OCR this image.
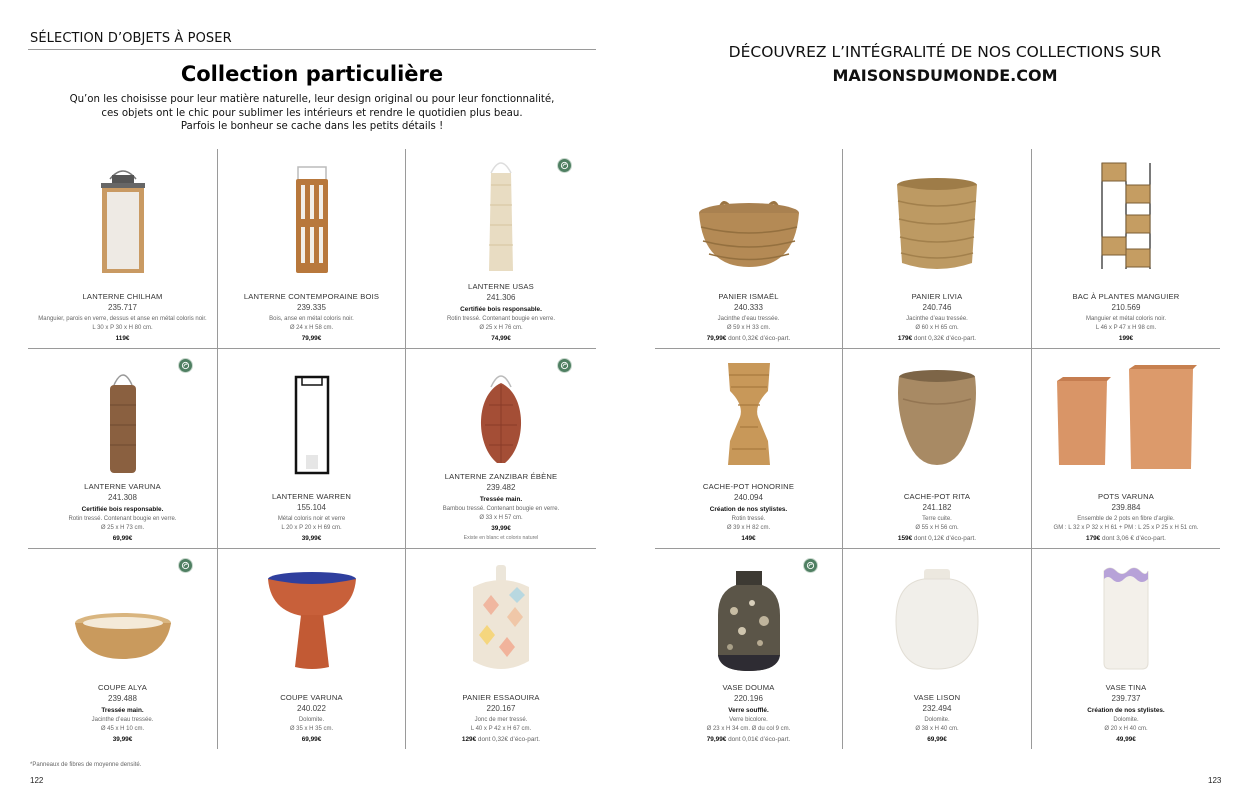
SÉLECTION D’OBJETS À POSER
Collection particulière
Qu’on les choisisse pour leur matière naturelle, leur design original ou pour leur fonctionnalité,
ces objets ont le chic pour sublimer les intérieurs et rendre le quotidien plus beau.
Parfois le bonheur se cache dans les petits détails !
LANTERNE CHILHAM
235.717
Manguier, parois en verre, dessus et anse en métal coloris noir.
L 30 x P 30 x H 80 cm.
119€
LANTERNE CONTEMPORAINE BOIS
239.335
Bois, anse en métal coloris noir.
Ø 24 x H 58 cm.
79,99€
LANTERNE USAS
241.306
Certifiée bois responsable.
Rotin tressé. Contenant bougie en verre.
Ø 25 x H 76 cm.
74,99€
LANTERNE VARUNA
241.308
Certifiée bois responsable.
Rotin tressé. Contenant bougie en verre.
Ø 25 x H 73 cm.
69,99€
LANTERNE WARREN
155.104
Métal coloris noir et verre
L 20 x P 20 x H 69 cm.
39,99€
LANTERNE ZANZIBAR ÉBÈNE
239.482
Tressée main.
Bambou tressé. Contenant bougie en verre.
Ø 33 x H 57 cm.
39,99€
Existe en blanc et coloris naturel
COUPE ALYA
239.488
Tressée main.
Jacinthe d’eau tressée.
Ø 45 x H 10 cm.
39,99€
COUPE VARUNA
240.022
Dolomite.
Ø 35 x H 35 cm.
69,99€
PANIER ESSAOUIRA
220.167
Jonc de mer tressé.
L 40 x P 42 x H 67 cm.
129€ dont 0,32€ d’éco-part.
*Panneaux de fibres de moyenne densité.
122
DÉCOUVREZ L’INTÉGRALITÉ DE NOS COLLECTIONS SUR
MAISONSDUMONDE.COM
PANIER ISMAËL
240.333
Jacinthe d’eau tressée.
Ø 59 x H 33 cm.
79,99€ dont 0,32€ d’éco-part.
PANIER LIVIA
240.746
Jacinthe d’eau tressée.
Ø 60 x H 65 cm.
179€ dont 0,32€ d’éco-part.
BAC À PLANTES MANGUIER
210.569
Manguier et métal coloris noir.
L 46 x P 47 x H 98 cm.
199€
CACHE-POT HONORINE
240.094
Création de nos stylistes.
Rotin tressé.
Ø 39 x H 82 cm.
149€
CACHE-POT RITA
241.182
Terre cuite.
Ø 55 x H 56 cm.
159€ dont 0,12€ d’éco-part.
POTS VARUNA
239.884
Ensemble de 2 pots en fibre d’argile.
GM : L 32 x P 32 x H 61 + PM : L 25 x P 25 x H 51 cm.
179€ dont 3,06 € d’éco-part.
VASE DOUMA
220.196
Verre soufflé.
Verre bicolore.
Ø 23 x H 34 cm. Ø du col 9 cm.
79,99€ dont 0,01€ d’éco-part.
VASE LISON
232.494
Dolomite.
Ø 38 x H 40 cm.
69,99€
VASE TINA
239.737
Création de nos stylistes.
Dolomite.
Ø 20 x H 40 cm.
49,99€
123
